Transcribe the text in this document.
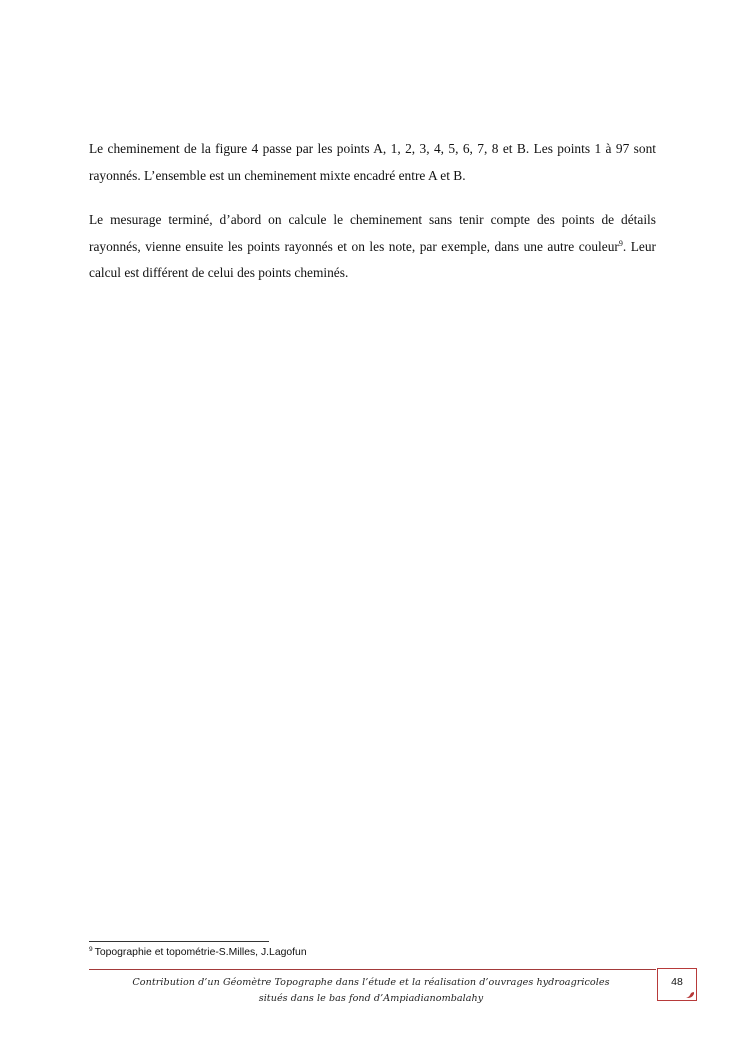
Le cheminement de la figure 4 passe par les points A, 1, 2, 3, 4, 5, 6, 7, 8 et B. Les points 1 à 97 sont rayonnés. L’ensemble est un cheminement mixte encadré entre A et B.

Le mesurage terminé, d’abord on calcule le cheminement sans tenir compte des points de détails rayonnés, vienne ensuite les points rayonnés et on les note, par exemple, dans une autre couleur$^9$. Leur calcul est différent de celui des points cheminés.

$^9$ Topographie et topométrie-S.Milles, J.Lagofun
Contribution d’un Géomètre Topographe dans l’étude et la réalisation d’ouvrages hydroagricoles situés dans le bas fond d’Ampiadianombalahy
48
